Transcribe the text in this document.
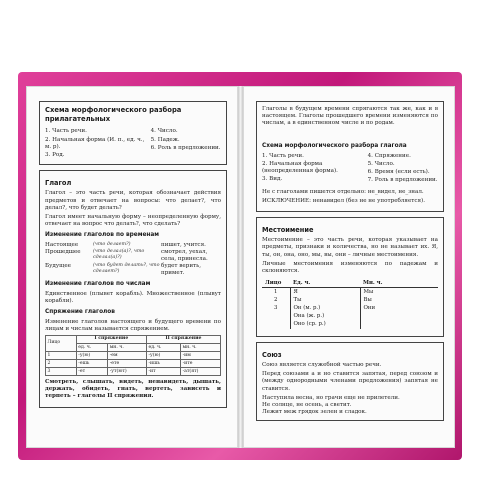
Схема морфологического разбора прилагательных
1. Часть речи.
2. Начальная форма (И. п., ед. ч., м. р).
3. Род.
4. Число.
5. Падеж.
6. Роль в предложении.
Глагол

Глагол – это часть речи, которая обозначает действия предметов и отвечает на вопросы: что делает?, что делал?, что будет делать?

Глагол имеет начальную форму – неопределенную форму, отвечает на вопрос что делать?, что сделать?

Изменение глаголов по временам
Настоящее	(что делает?)	пишет, учится.
Прошедшее	(что делал(а)?, что сделал(а)?)
смотрел, уехал, села, принесла.
Будущее	(что будет делать?, что сделает?)
будет верить, примет.
Изменение глаголов по числам

Единственное (плывет корабль). Множественное (плывут корабли).

Спряжение глаголов

Изменение глаголов настоящего и будущего времени по лицам и числам называется спряжением.

Лицо	I спряжение		II спряжение	
	ед. ч.	мн. ч.	ед. ч.	мн. ч.
1	-у(ю)	-ем	-у(ю)	-им
2	-ешь	-ете	-ишь	-ите
3	-ет	-ут(ют)	-ит	-ат(ят)

Смотреть, слышать, видеть, ненавидеть, дышать, держать, обидеть, гнать, вертеть, зависеть и терпеть – глаголы II спряжения.

Глаголы в будущем времени спрягаются так же, как и в настоящем. Глаголы прошедшего времени изменяются по числам, а в единственном числе и по родам.

Схема морфологического разбора глагола
1. Часть речи.
2. Начальная форма (неопределенная форма).
3. Вид.
4. Спряжение.
5. Число.
6. Время (если есть).
7. Роль в предложении.

Не с глаголами пишется отдельно: не_видел, не_знал.

ИСКЛЮЧЕНИЕ: ненавидел (без не не употребляется).

Местоимение

Местоимение – это часть речи, которая указывает на предметы, признаки и количества, но не называет их. Я, ты, он, она, оно, мы, вы, они – личные местоимения.

Личные местоимения изменяются по падежам и склоняются.

Лицо	Ед. ч.	Мн. ч.
1	Я	Мы
2	Ты	Вы
3	Он (м. р.)	Они
	Она (ж. р.)	
	Оно (ср. р.)	
Союз

Союз является служебной частью речи.

Перед союзами а и но ставится запятая, перед союзом и (между однородными членами предложения) запятая не ставится.

Наступила весна, но грачи еще не прилетели.
Не солнце, не осень, а светит.
Лежит меж грядок зелен и сладок.
